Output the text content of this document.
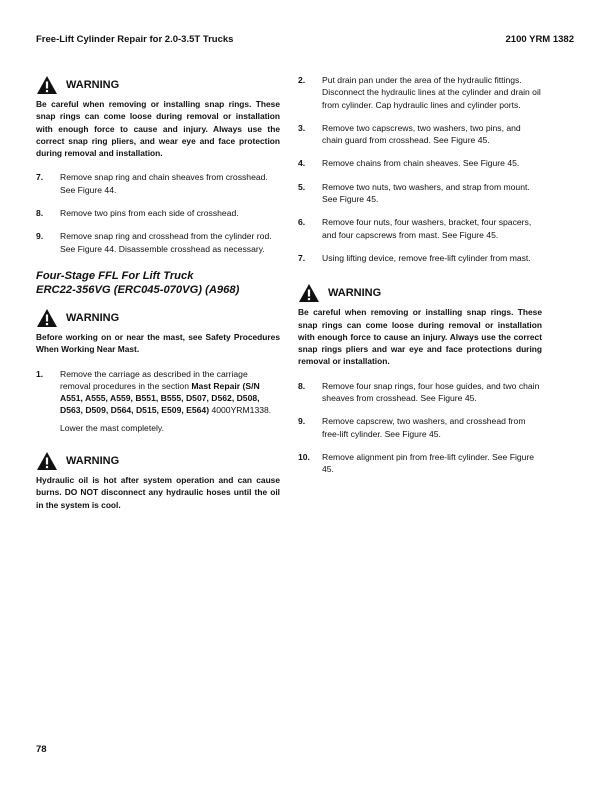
Free-Lift Cylinder Repair for 2.0-3.5T Trucks	2100 YRM 1382
WARNING
Be careful when removing or installing snap rings. These snap rings can come loose during removal or installation with enough force to cause and injury. Always use the correct snap ring pliers, and wear eye and face protection during removal and installation.
7.	Remove snap ring and chain sheaves from crosshead. See Figure 44.
8.	Remove two pins from each side of crosshead.
9.	Remove snap ring and crosshead from the cylinder rod. See Figure 44. Disassemble crosshead as necessary.
Four-Stage FFL For Lift Truck
ERC22-356VG (ERC045-070VG) (A968)
WARNING
Before working on or near the mast, see Safety Procedures When Working Near Mast.
1.	Remove the carriage as described in the carriage removal procedures in the section Mast Repair (S/N A551, A555, A559, B551, B555, D507, D562, D508, D563, D509, D564, D515, E509, E564) 4000YRM1338.
Lower the mast completely.
WARNING
Hydraulic oil is hot after system operation and can cause burns. DO NOT disconnect any hydraulic hoses until the oil in the system is cool.
2.	Put drain pan under the area of the hydraulic fittings. Disconnect the hydraulic lines at the cylinder and drain oil from cylinder. Cap hydraulic lines and cylinder ports.
3.	Remove two capscrews, two washers, two pins, and chain guard from crosshead. See Figure 45.
4.	Remove chains from chain sheaves. See Figure 45.
5.	Remove two nuts, two washers, and strap from mount. See Figure 45.
6.	Remove four nuts, four washers, bracket, four spacers, and four capscrews from mast. See Figure 45.
7.	Using lifting device, remove free-lift cylinder from mast.
WARNING
Be careful when removing or installing snap rings. These snap rings can come loose during removal or installation with enough force to cause an injury. Always use the correct snap rings pliers and war eye and face protections during removal or installation.
8.	Remove four snap rings, four hose guides, and two chain sheaves from crosshead. See Figure 45.
9.	Remove capscrew, two washers, and crosshead from free-lift cylinder. See Figure 45.
10.	Remove alignment pin from free-lift cylinder. See Figure 45.
78
